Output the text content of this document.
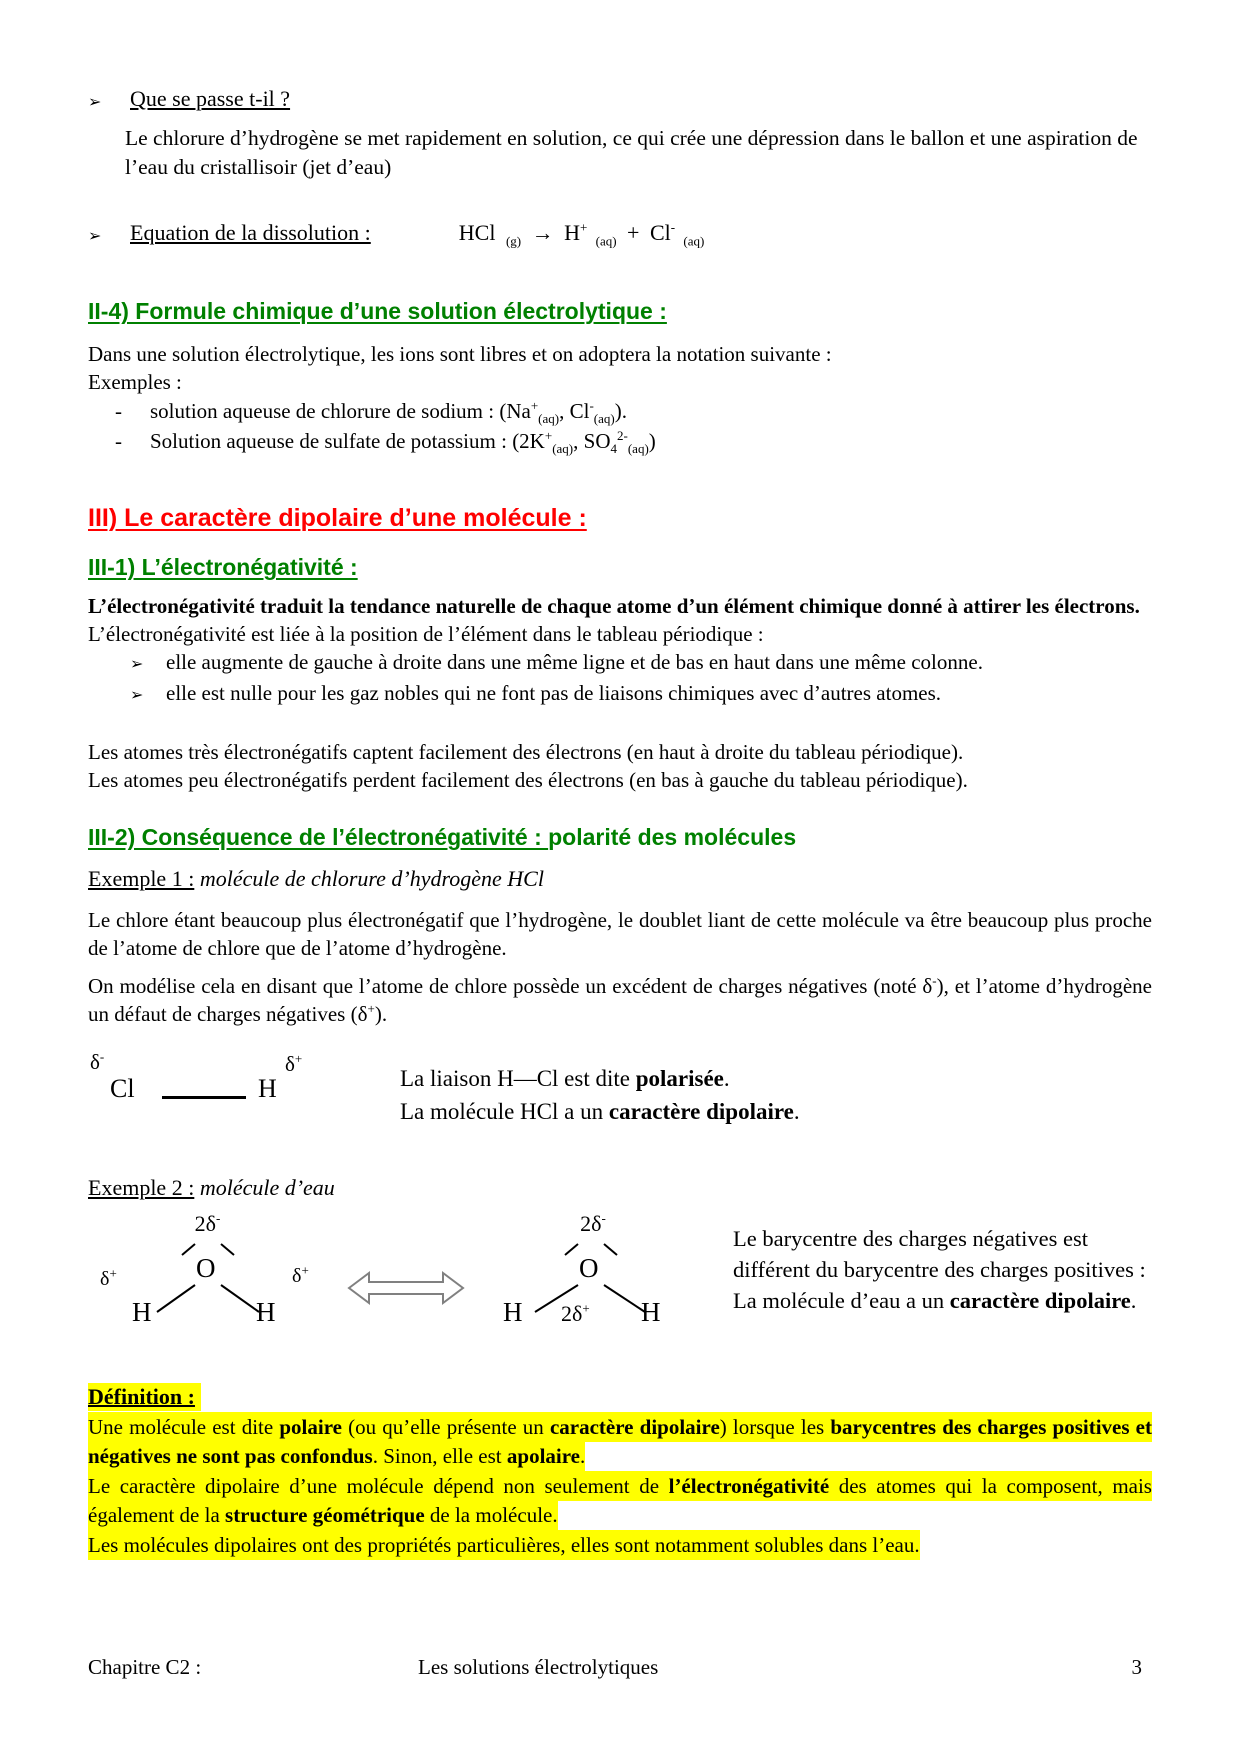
➢	Que se passe t-il ?

Le chlorure d’hydrogène se met rapidement en solution, ce qui crée une dépression dans le ballon et une aspiration de l’eau du cristallisoir (jet d’eau)

➢	Equation de la dissolution :	HCl $_{(g)}$ → H+ $_{(aq)}$ + Cl- $_{(aq)}$
II-4) Formule chimique d’une solution électrolytique :

Dans une solution électrolytique, les ions sont libres et on adoptera la notation suivante :

Exemples :

-	solution aqueuse de chlorure de sodium : ($Na^+_{(aq)}$, $Cl^-_{(aq)}$).
-	Solution aqueuse de sulfate de potassium : ($2K^+_{(aq)}$, $SO_4^{2-}_{(aq)}$)
III) Le caractère dipolaire d’une molécule :
III-1) L’électronégativité :

L’électronégativité traduit la tendance naturelle de chaque atome d’un élément chimique donné à attirer les électrons.

L’électronégativité est liée à la position de l’élément dans le tableau périodique :

➢	elle augmente de gauche à droite dans une même ligne et de bas en haut dans une même colonne.
➢	elle est nulle pour les gaz nobles qui ne font pas de liaisons chimiques avec d’autres atomes.

Les atomes très électronégatifs captent facilement des électrons (en haut à droite du tableau périodique).

Les atomes peu électronégatifs perdent facilement des électrons (en bas à gauche du tableau périodique).

III-2) Conséquence de l’électronégativité : polarité des molécules

Exemple 1 : molécule de chlorure d’hydrogène HCl

Le chlore étant beaucoup plus électronégatif que l’hydrogène, le doublet liant de cette molécule va être beaucoup plus proche de l’atome de chlore que de l’atome d’hydrogène.

On modélise cela en disant que l’atome de chlore possède un excédent de charges négatives (noté δ-), et l’atome d’hydrogène un défaut de charges négatives (δ+).

δ-
Cl	H
δ+
La liaison H—Cl est dite polarisée.
La molécule HCl a un caractère dipolaire.

Exemple 2 : molécule d’eau

2δ-
O
δ+
H	H
δ+
2δ-
O
H 2δ+ H
Le barycentre des charges négatives est différent du barycentre des charges positives : La molécule d’eau a un caractère dipolaire.
Définition :

Une molécule est dite polaire (ou qu’elle présente un caractère dipolaire) lorsque les barycentres des charges positives et négatives ne sont pas confondus. Sinon, elle est apolaire.

Le caractère dipolaire d’une molécule dépend non seulement de l’électronégativité des atomes qui la composent, mais également de la structure géométrique de la molécule.

Les molécules dipolaires ont des propriétés particulières, elles sont notamment solubles dans l’eau.

Chapitre C2 :	Les solutions électrolytiques	3
